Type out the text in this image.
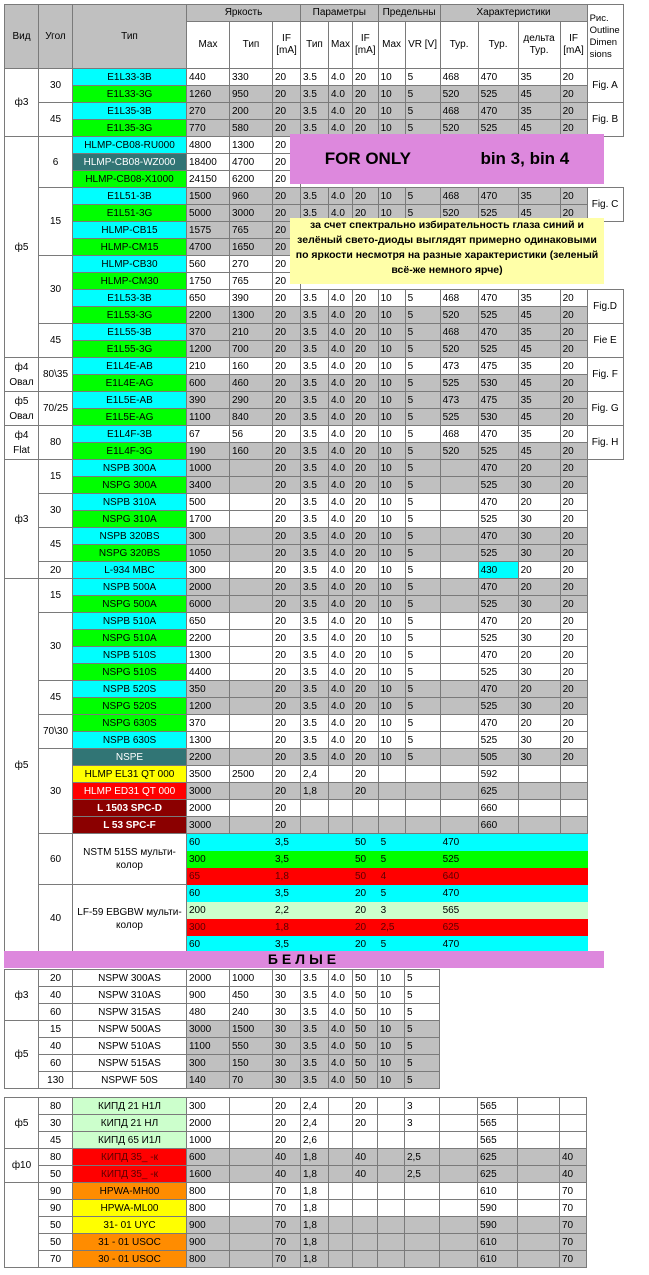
Вид	Угол	Тип	Яркость			Параметры			Предельны		Характеристики				Рис. Outline Dimen sions
			Max	Тип	IF [mA]	Тип	Max	IF [mA]	Max	VR [V]	Typ.	Typ.	дельта Typ.	IF [mA]	
ф3	30	E1L33-3B	440	330	20	3.5	4.0	20	10	5	468	470	35	20	Fig. A
		E1L33-3G	1260	950	20	3.5	4.0	20	10	5	520	525	45	20	
	45	E1L35-3B	270	200	20	3.5	4.0	20	10	5	468	470	35	20	Fig. B
		E1L35-3G	770	580	20	3.5	4.0	20	10	5	520	525	45	20	
ф5	6	HLMP-CB08-RU000	4800	1300	20										
		HLMP-CB08-WZ000	18400	4700	20										
		HLMP-CB08-X1000	24150	6200	20										
	15	E1L51-3B	1500	960	20	3.5	4.0	20	10	5	468	470	35	20	Fig. C
		E1L51-3G	5000	3000	20	3.5	4.0	20	10	5	520	525	45	20	
		HLMP-CB15	1575	765	20										
		HLMP-CM15	4700	1650	20										
	30	HLMP-CB30	560	270	20										
		HLMP-CM30	1750	765	20										
		E1L53-3B	650	390	20	3.5	4.0	20	10	5	468	470	35	20	Fig.D
		E1L53-3G	2200	1300	20	3.5	4.0	20	10	5	520	525	45	20	
	45	E1L55-3B	370	210	20	3.5	4.0	20	10	5	468	470	35	20	Fie E
		E1L55-3G	1200	700	20	3.5	4.0	20	10	5	520	525	45	20	
ф4 Овал	80\35	E1L4E-AB	210	160	20	3.5	4.0	20	10	5	473	475	35	20	Fig. F
		E1L4E-AG	600	460	20	3.5	4.0	20	10	5	525	530	45	20	
ф5 Овал	70/25	E1L5E-AB	390	290	20	3.5	4.0	20	10	5	473	475	35	20	Fig. G
		E1L5E-AG	1100	840	20	3.5	4.0	20	10	5	525	530	45	20	
ф4 Flat	80	E1L4F-3B	67	56	20	3.5	4.0	20	10	5	468	470	35	20	Fig. H
		E1L4F-3G	190	160	20	3.5	4.0	20	10	5	520	525	45	20	
ф3	15	NSPB 300A	1000		20	3.5	4.0	20	10	5		470	20	20	
		NSPG 300A	3400		20	3.5	4.0	20	10	5		525	30	20	
	30	NSPB 310A	500		20	3.5	4.0	20	10	5		470	20	20	
		NSPG 310A	1700		20	3.5	4.0	20	10	5		525	30	20	
	45	NSPB 320BS	300		20	3.5	4.0	20	10	5		470	30	20	
		NSPG 320BS	1050		20	3.5	4.0	20	10	5		525	30	20	
	20	L-934 MBC	300		20	3.5	4.0	20	10	5		430	20	20	
ф5	15	NSPB 500A	2000		20	3.5	4.0	20	10	5		470	20	20	
		NSPG 500A	6000		20	3.5	4.0	20	10	5		525	30	20	
	30	NSPB 510A	650		20	3.5	4.0	20	10	5		470	20	20	
		NSPG 510A	2200		20	3.5	4.0	20	10	5		525	30	20	
		NSPB 510S	1300		20	3.5	4.0	20	10	5		470	20	20	
		NSPG 510S	4400		20	3.5	4.0	20	10	5		525	30	20	
	45	NSPB 520S	350		20	3.5	4.0	20	10	5		470	20	20	
		NSPG 520S	1200		20	3.5	4.0	20	10	5		525	30	20	
	70\30	NSPG 630S	370		20	3.5	4.0	20	10	5		470	20	20	
		NSPB 630S	1300		20	3.5	4.0	20	10	5		525	30	20	
	30	NSPE	2200		20	3.5	4.0	20	10	5		505	30	20	
		HLMP EL31 QT 000	3500	2500	20	2,4		20				592			
		HLMP ED31 QT 000	3000		20	1,8		20				625			
		L 1503 SPC-D	2000		20							660			
		L 53 SPC-F	3000		20							660			
	60	NSTM 515S мульти-колор	60		3,5			50	5		470				
			300		3,5			50	5		525				
			65		1,8			50	4		640				
	40	LF-59 EBGBW мульти-колор	60		3,5			20	5		470				
			200		2,2			20	3		565				
			300		1,8			20	2,5		625				
			60		3,5			20	5		470				
FOR ONLY	bin 3, bin 4
за счет спектрально избирательность глаза синий и зелёный свето-диоды выглядят примерно одинаковыми по яркости несмотря на разные характеристики (зеленый всё-же немного ярче)
БЕЛЫЕ
ф3	20	NSPW 300AS	2000	1000	30	3.5	4.0	50	10	5
	40	NSPW 310AS	900	450	30	3.5	4.0	50	10	5
	60	NSPW 315AS	480	240	30	3.5	4.0	50	10	5
ф5	15	NSPW 500AS	3000	1500	30	3.5	4.0	50	10	5
	40	NSPW 510AS	1100	550	30	3.5	4.0	50	10	5
	60	NSPW 515AS	300	150	30	3.5	4.0	50	10	5
	130	NSPWF 50S	140	70	30	3.5	4.0	50	10	5
ф5	80	КИПД 21 Н1Л	300		20	2,4		20		3		565		
	30	КИПД 21 НЛ	2000		20	2,4		20		3		565		
	45	КИПД 65 И1Л	1000		20	2,6						565		
ф10	80	КИПД 35_ -к	600		40	1,8		40		2,5		625		40
	50	КИПД 35_ -к	1600		40	1,8		40		2,5		625		40
	90	HPWA-MH00	800		70	1,8						610		70
	90	HPWA-ML00	800		70	1,8						590		70
	50	31- 01 UYC	900		70	1,8						590		70
	50	31 - 01 USOC	900		70	1,8						610		70
	70	30 - 01 USOC	800		70	1,8						610		70
